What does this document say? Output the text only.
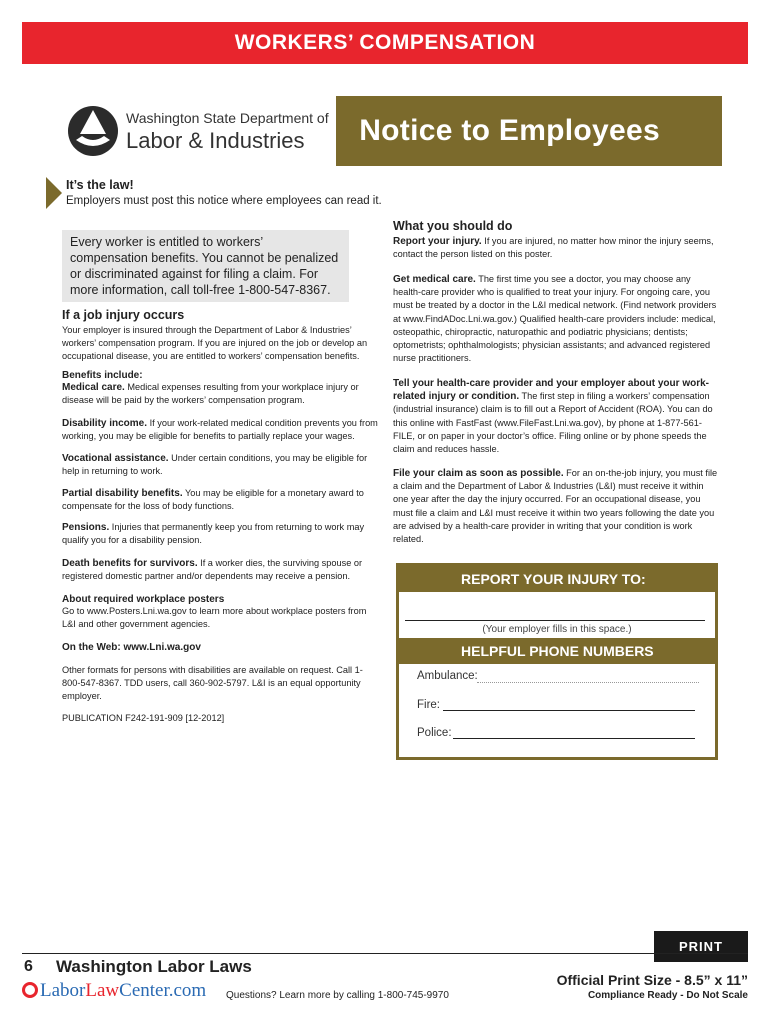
WORKERS’ COMPENSATION
Washington State Department of
Labor & Industries Notice to Employees
It’s the law!
Employers must post this notice where employees can read it.
Every worker is entitled to workers’ compensation benefits. You cannot be penalized or discriminated against for filing a claim. For more information, call toll-free 1-800-547-8367.
If a job injury occurs
Your employer is insured through the Department of Labor & Industries’ workers’ compensation program. If you are injured on the job or develop an occupational disease, you are entitled to workers’ compensation benefits.
Benefits include:
Medical care. Medical expenses resulting from your workplace injury or disease will be paid by the workers’ compensation program.
Disability income. If your work-related medical condition prevents you from working, you may be eligible for benefits to partially replace your wages.
Vocational assistance. Under certain conditions, you may be eligible for help in returning to work.
Partial disability benefits. You may be eligible for a monetary award to compensate for the loss of body functions.
Pensions. Injuries that permanently keep you from returning to work may qualify you for a disability pension.
Death benefits for survivors. If a worker dies, the surviving spouse or registered domestic partner and/or dependents may receive a pension.
About required workplace posters
Go to www.Posters.Lni.wa.gov to learn more about workplace posters from L&I and other government agencies.
On the Web: www.Lni.wa.gov
Other formats for persons with disabilities are available on request. Call 1-800-547-8367. TDD users, call 360-902-5797. L&I is an equal opportunity employer.
PUBLICATION F242-191-909 [12-2012]
What you should do
Report your injury. If you are injured, no matter how minor the injury seems, contact the person listed on this poster.
Get medical care. The first time you see a doctor, you may choose any health-care provider who is qualified to treat your injury. For ongoing care, you must be treated by a doctor in the L&I medical network. (Find network providers at www.FindADoc.Lni.wa.gov.) Qualified health-care providers include: medical, osteopathic, chiropractic, naturopathic and podiatric physicians; dentists; optometrists; ophthalmologists; physician assistants; and advanced registered nurse practitioners.
Tell your health-care provider and your employer about your work-related injury or condition. The first step in filing a workers’ compensation (industrial insurance) claim is to fill out a Report of Accident (ROA). You can do this online with FastFast (www.FileFast.Lni.wa.gov), by phone at 1-877-561-FILE, or on paper in your doctor’s office. Filing online or by phone speeds the claim and reduces hassle.
File your claim as soon as possible. For an on-the-job injury, you must file a claim and the Department of Labor & Industries (L&I) must receive it within one year after the day the injury occurred. For an occupational disease, you must file a claim and L&I must receive it within two years following the date you are advised by a health-care provider in writing that your condition is work related.
REPORT YOUR INJURY TO:
(Your employer fills in this space.)
HELPFUL PHONE NUMBERS
Ambulance:
Fire:
Police:
PRINT
6 Washington Labor Laws
LaborLawCenter.com Questions? Learn more by calling 1-800-745-9970
Official Print Size - 8.5” x 11”
Compliance Ready - Do Not Scale
